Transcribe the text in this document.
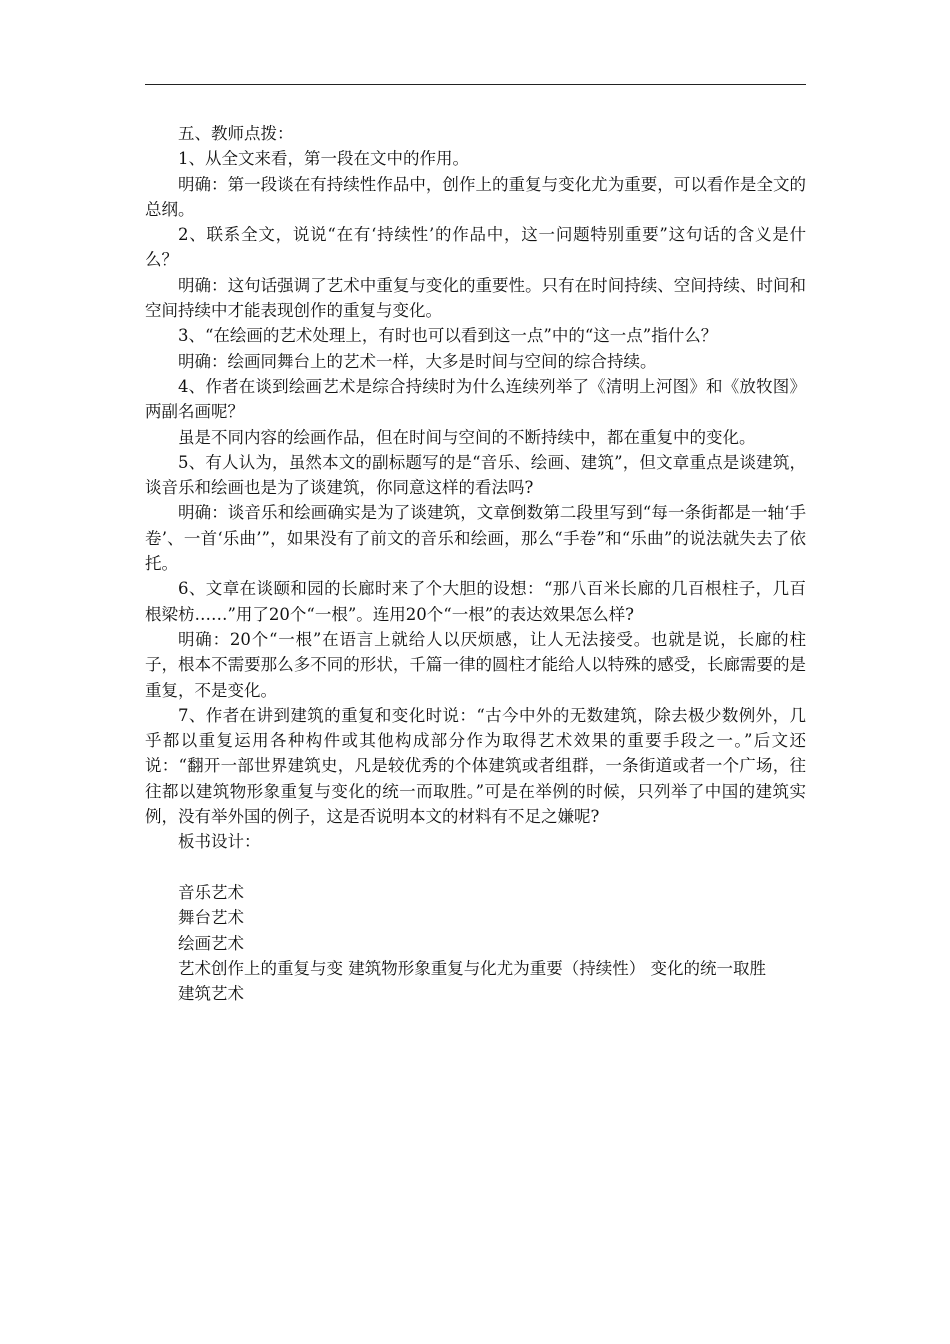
五、教师点拨：

1、从全文来看，第一段在文中的作用。

明确：第一段谈在有持续性作品中，创作上的重复与变化尤为重要，可以看作是全文的总纲。

2、联系全文，说说“在有‘持续性’的作品中，这一问题特别重要”这句话的含义是什么？

明确：这句话强调了艺术中重复与变化的重要性。只有在时间持续、空间持续、时间和空间持续中才能表现创作的重复与变化。

3、“在绘画的艺术处理上，有时也可以看到这一点”中的“这一点”指什么？

明确：绘画同舞台上的艺术一样，大多是时间与空间的综合持续。

4、作者在谈到绘画艺术是综合持续时为什么连续列举了《清明上河图》和《放牧图》两副名画呢？

虽是不同内容的绘画作品，但在时间与空间的不断持续中，都在重复中的变化。

5、有人认为，虽然本文的副标题写的是“音乐、绘画、建筑”，但文章重点是谈建筑，谈音乐和绘画也是为了谈建筑，你同意这样的看法吗?

明确：谈音乐和绘画确实是为了谈建筑，文章倒数第二段里写到“每一条街都是一轴‘手卷’、一首‘乐曲’”，如果没有了前文的音乐和绘画，那么“手卷”和“乐曲”的说法就失去了依托。

6、文章在谈颐和园的长廊时来了个大胆的设想：“那八百米长廊的几百根柱子，几百根梁枋……”用了20个“一根”。连用20个“一根”的表达效果怎么样?

明确：20个“一根”在语言上就给人以厌烦感，让人无法接受。也就是说，长廊的柱子，根本不需要那么多不同的形状，千篇一律的圆柱才能给人以特殊的感受，长廊需要的是重复，不是变化。

7、作者在讲到建筑的重复和变化时说：“古今中外的无数建筑，除去极少数例外，几乎都以重复运用各种构件或其他构成部分作为取得艺术效果的重要手段之一。”后文还说：“翻开一部世界建筑史，凡是较优秀的个体建筑或者组群，一条街道或者一个广场，往往都以建筑物形象重复与变化的统一而取胜。”可是在举例的时候，只列举了中国的建筑实例，没有举外国的例子，这是否说明本文的材料有不足之嫌呢?

板书设计：

音乐艺术

舞台艺术

绘画艺术

艺术创作上的重复与变 建筑物形象重复与化尤为重要（持续性） 变化的统一取胜

建筑艺术
